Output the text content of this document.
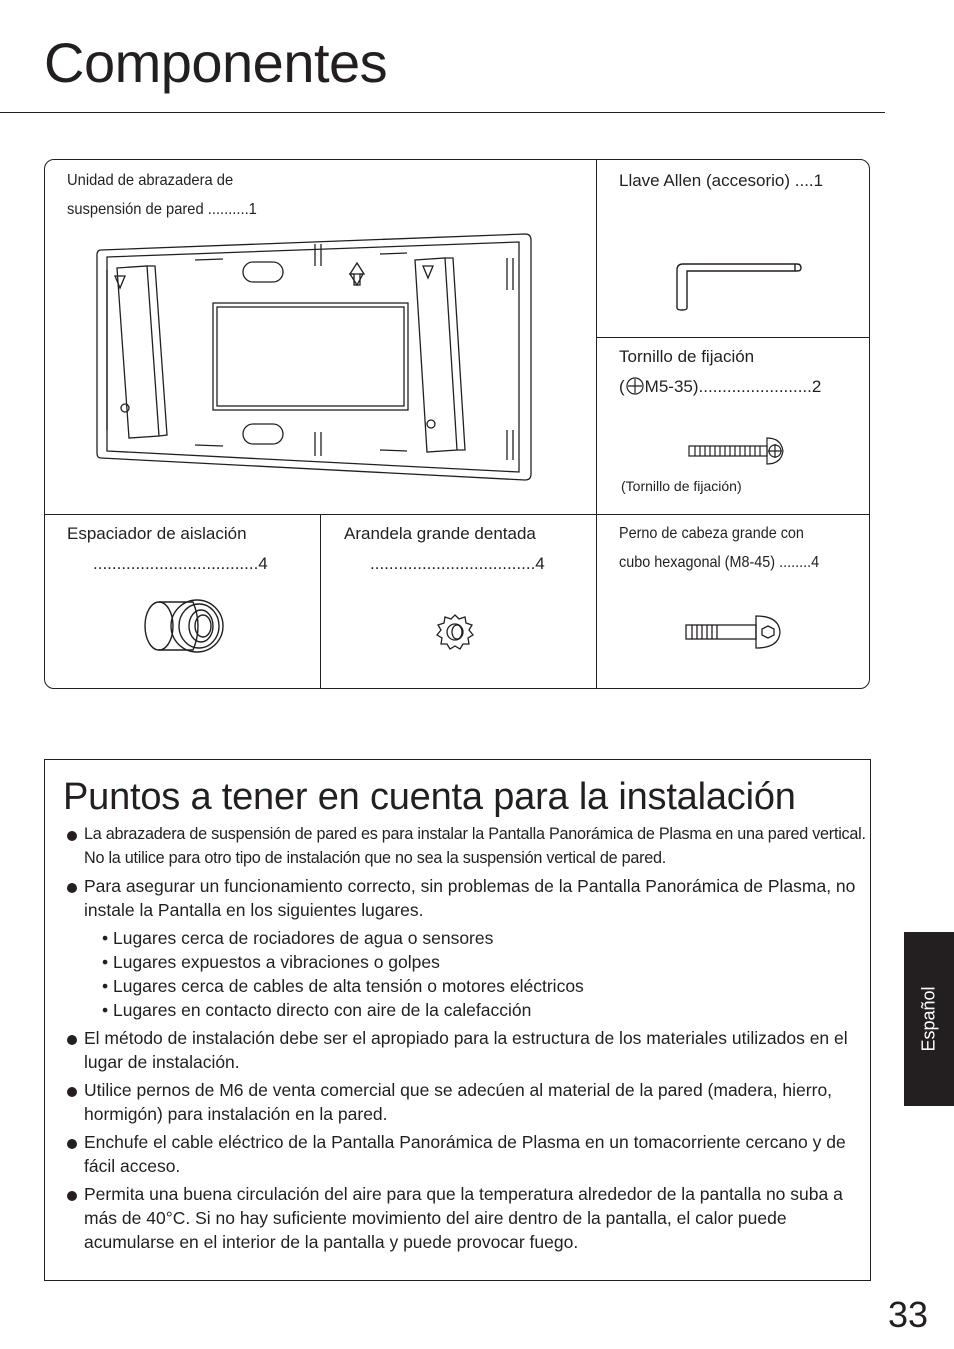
Componentes
Unidad de abrazadera de
suspensión de pared ..........1
Llave Allen (accesorio) ....1
Tornillo de fijación
( M5-35)........................2
(Tornillo de fijación)
Espaciador de aislación
...................................4
Arandela grande dentada
...................................4
Perno de cabeza grande con
cubo hexagonal (M8-45) ........4
Puntos a tener en cuenta para la instalación
La abrazadera de suspensión de pared es para instalar la Pantalla Panorámica de Plasma en una pared vertical. No la utilice para otro tipo de instalación que no sea la suspensión vertical de pared.
Para asegurar un funcionamiento correcto, sin problemas de la Pantalla Panorámica de Plasma, no instale la Pantalla en los siguientes lugares.
• Lugares cerca de rociadores de agua o sensores
• Lugares expuestos a vibraciones o golpes
• Lugares cerca de cables de alta tensión o motores eléctricos
• Lugares en contacto directo con aire de la calefacción
El método de instalación debe ser el apropiado para la estructura de los materiales utilizados en el lugar de instalación.
Utilice pernos de M6 de venta comercial que se adecúen al material de la pared (madera, hierro, hormigón) para instalación en la pared.
Enchufe el cable eléctrico de la Pantalla Panorámica de Plasma en un tomacorriente cercano y de fácil acceso.
Permita una buena circulación del aire para que la temperatura alrededor de la pantalla no suba a más de 40°C. Si no hay suficiente movimiento del aire dentro de la pantalla, el calor puede acumularse en el interior de la pantalla y puede provocar fuego.
Español
33
